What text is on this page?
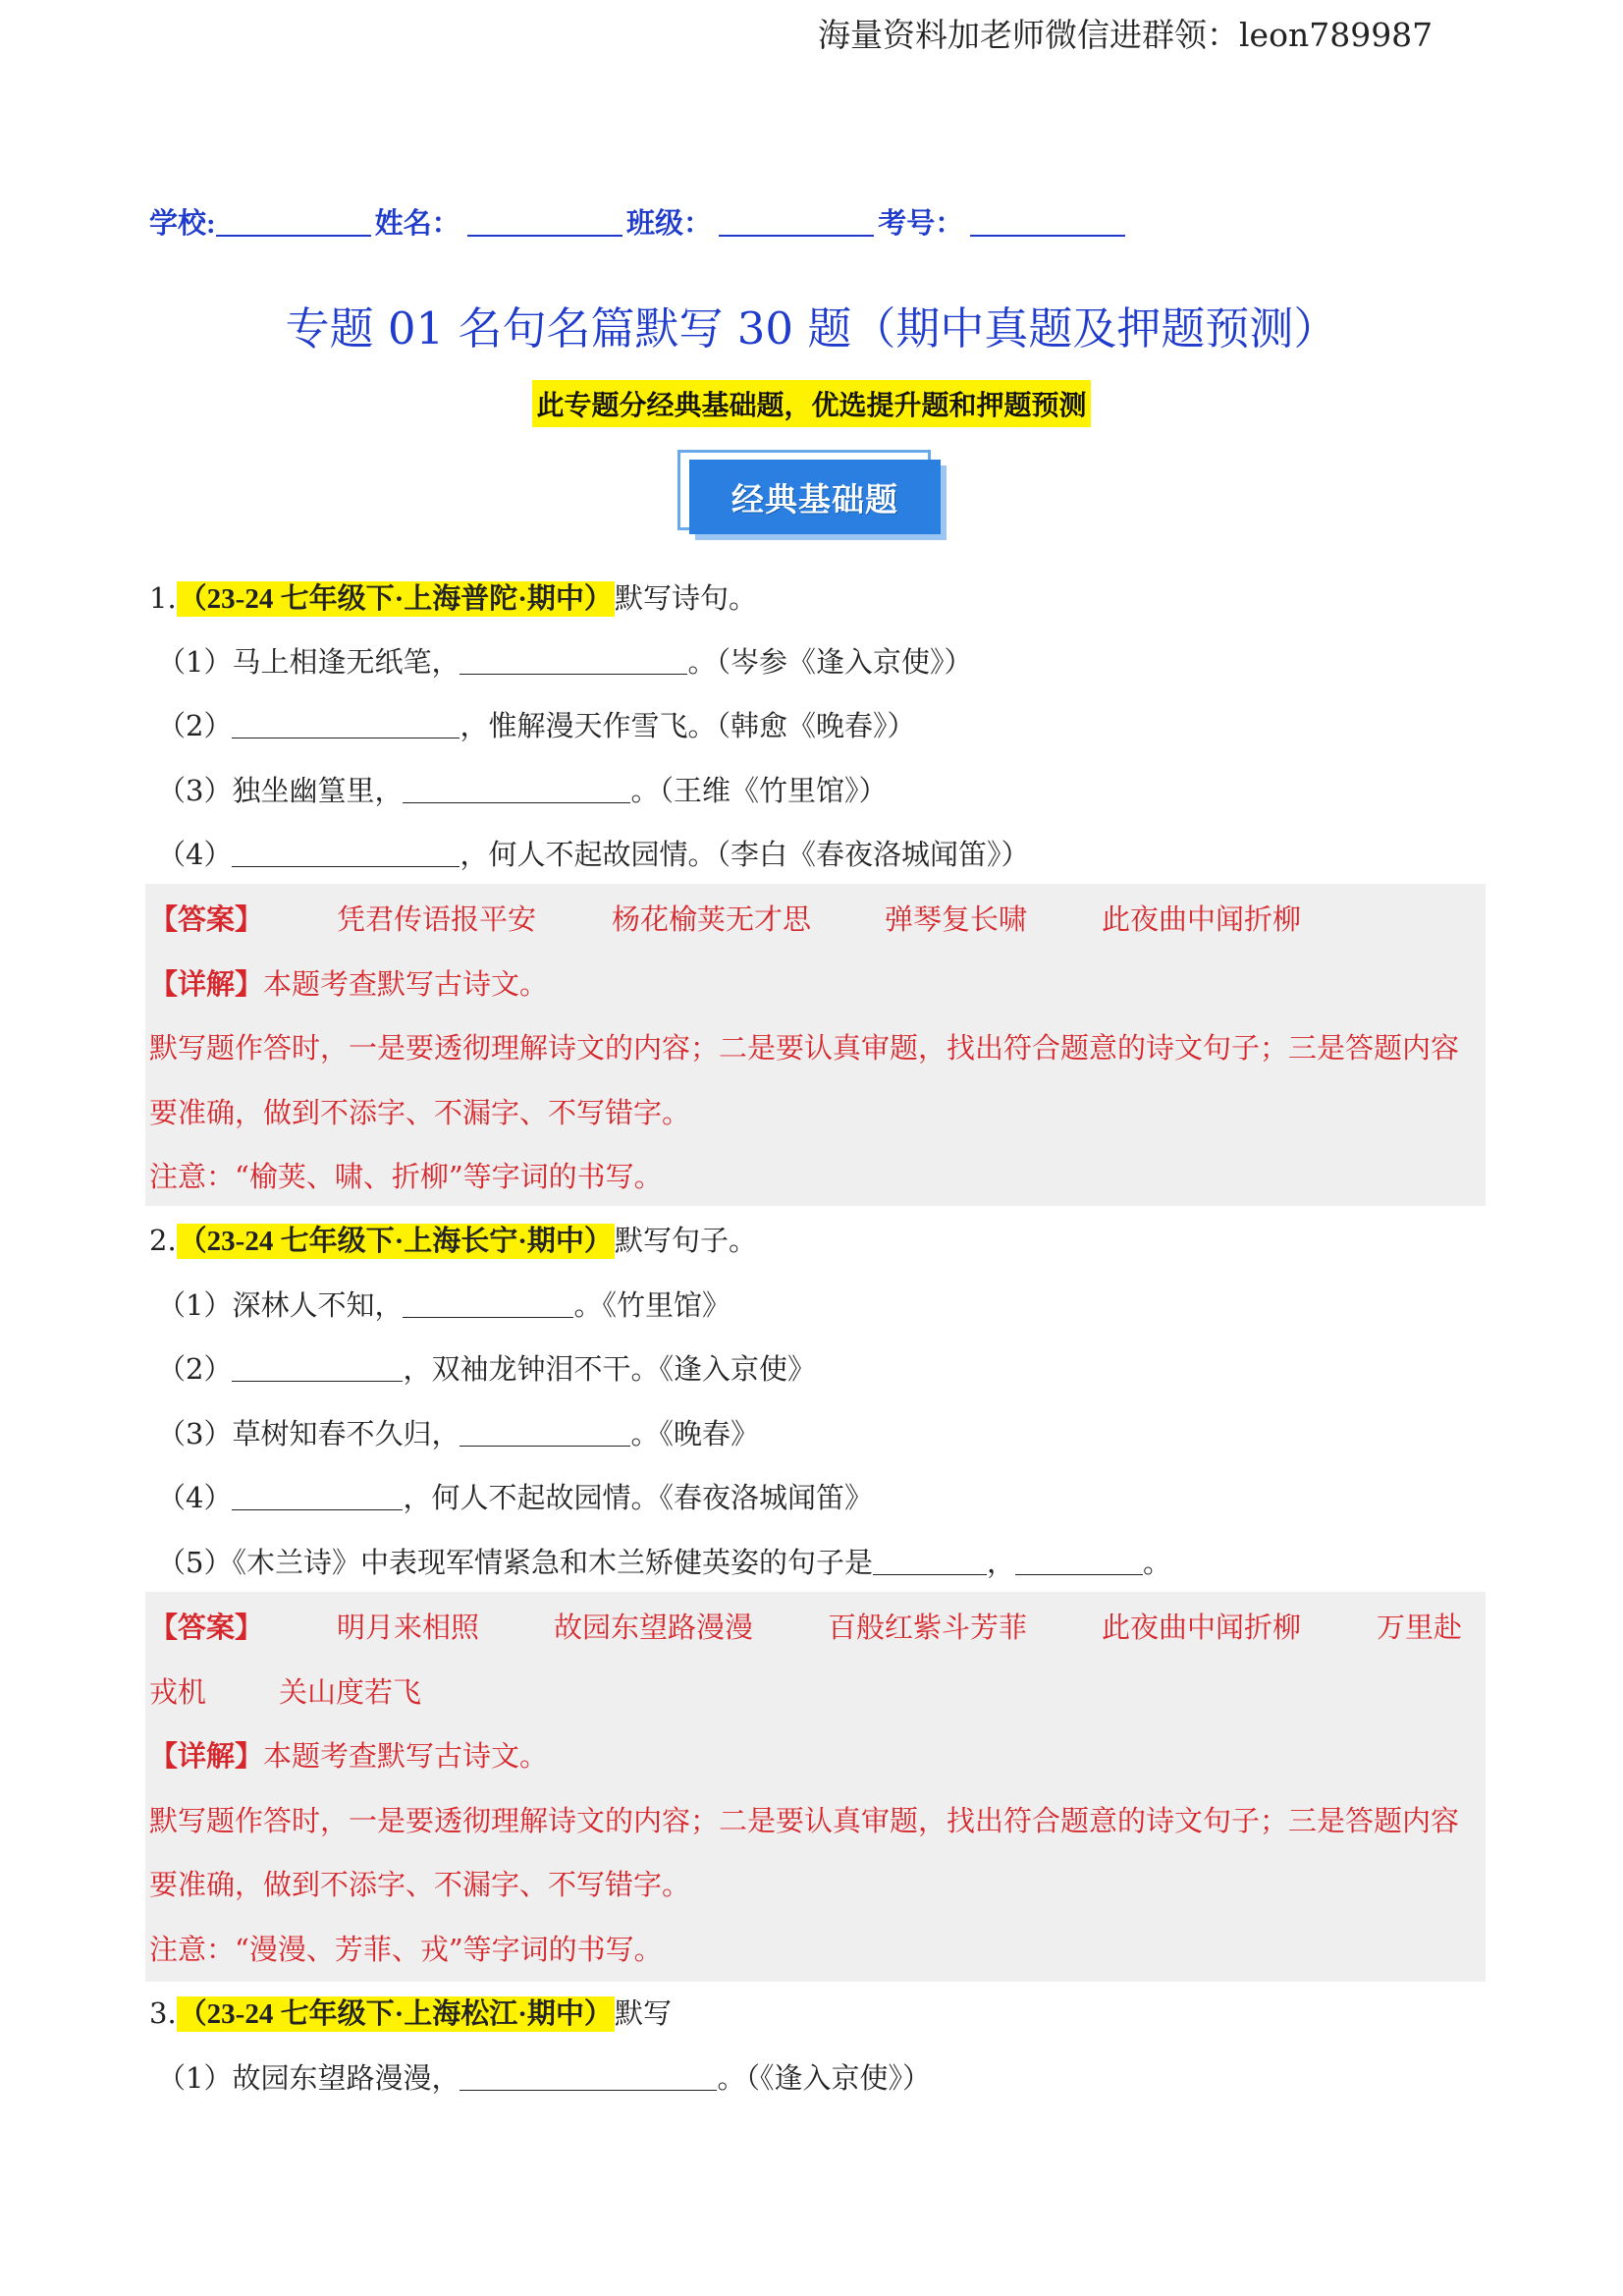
海量资料加老师微信进群领：leon789987
学校:	姓名：	班级：	考号：
专题 01 名句名篇默写 30 题（期中真题及押题预测）
此专题分经典基础题，优选提升题和押题预测
经典基础题
1.（23-24 七年级下·上海普陀·期中）默写诗句。
（1）马上相逢无纸笔，	。（岑参《逢入京使》）
（2）	，惟解漫天作雪飞。（韩愈《晚春》）
（3）独坐幽篁里，	。（王维《竹里馆》）
（4）	，何人不起故园情。（李白《春夜洛城闻笛》）
【答案】	凭君传语报平安	杨花榆荚无才思	弹琴复长啸	此夜曲中闻折柳
【详解】本题考查默写古诗文。
默写题作答时，一是要透彻理解诗文的内容；二是要认真审题，找出符合题意的诗文句子；三是答题内容
要准确，做到不添字、不漏字、不写错字。
注意：“榆荚、啸、折柳”等字词的书写。
2.（23-24 七年级下·上海长宁·期中）默写句子。
（1）深林人不知，	。《竹里馆》
（2）	，双袖龙钟泪不干。《逢入京使》
（3）草树知春不久归，	。《晚春》
（4）	，何人不起故园情。《春夜洛城闻笛》
（5）《木兰诗》中表现军情紧急和木兰矫健英姿的句子是	，	。
【答案】	明月来相照	故园东望路漫漫	百般红紫斗芳菲	此夜曲中闻折柳	万里赴
戎机	关山度若飞
【详解】本题考查默写古诗文。
默写题作答时，一是要透彻理解诗文的内容；二是要认真审题，找出符合题意的诗文句子；三是答题内容
要准确，做到不添字、不漏字、不写错字。
注意：“漫漫、芳菲、戎”等字词的书写。
3.（23-24 七年级下·上海松江·期中）默写
（1）故园东望路漫漫，	。（《逢入京使》）
